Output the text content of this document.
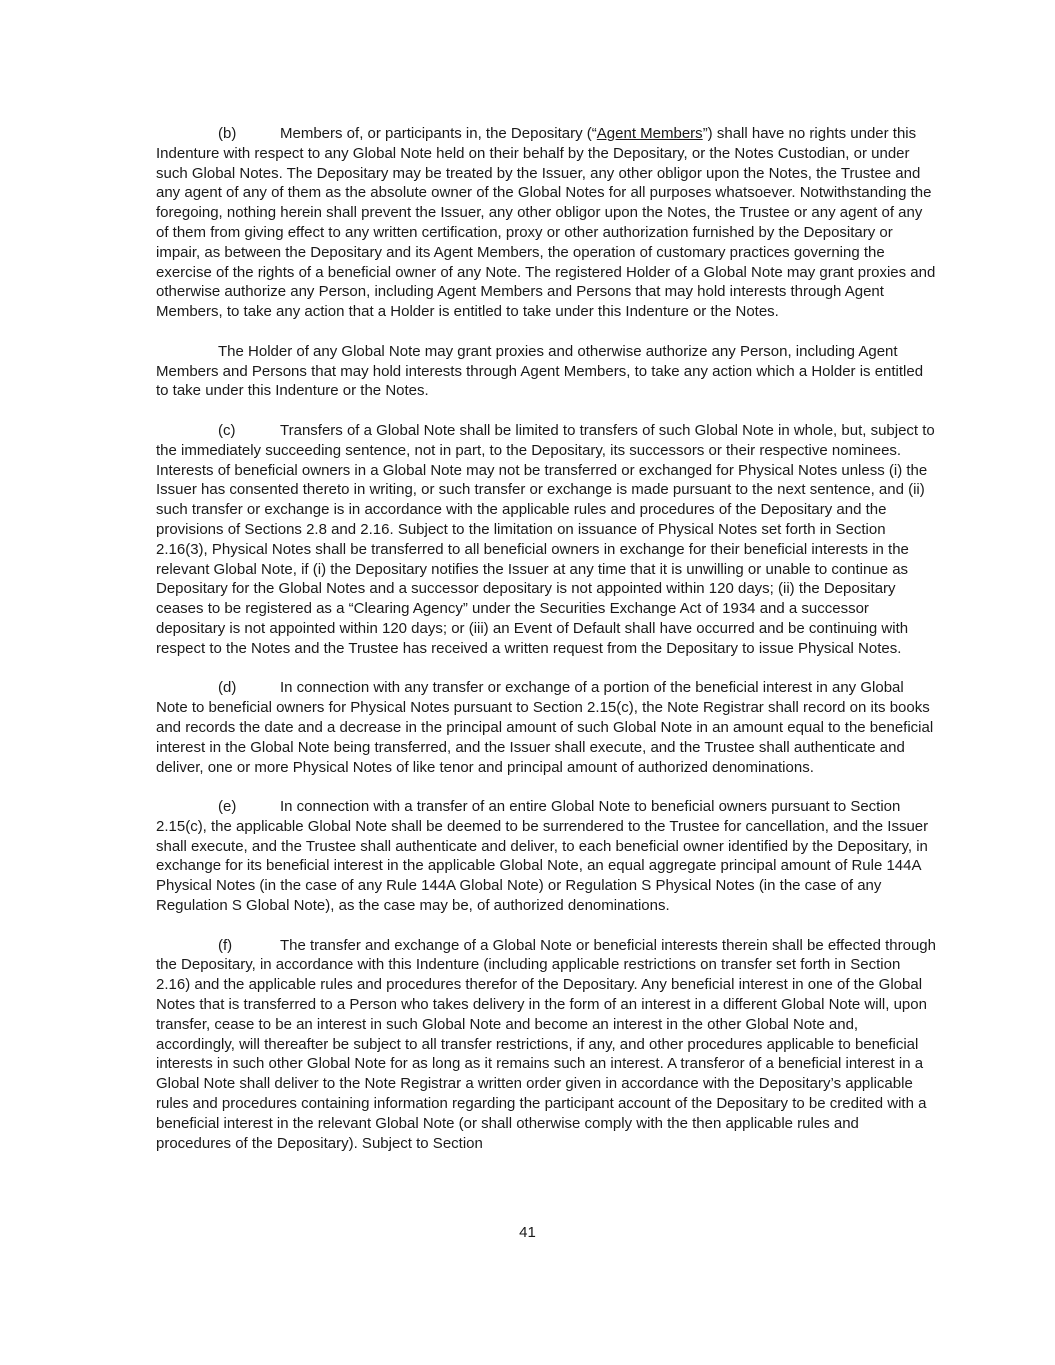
(b)	Members of, or participants in, the Depositary (“Agent Members”) shall have no rights under this Indenture with respect to any Global Note held on their behalf by the Depositary, or the Notes Custodian, or under such Global Notes. The Depositary may be treated by the Issuer, any other obligor upon the Notes, the Trustee and any agent of any of them as the absolute owner of the Global Notes for all purposes whatsoever. Notwithstanding the foregoing, nothing herein shall prevent the Issuer, any other obligor upon the Notes, the Trustee or any agent of any of them from giving effect to any written certification, proxy or other authorization furnished by the Depositary or impair, as between the Depositary and its Agent Members, the operation of customary practices governing the exercise of the rights of a beneficial owner of any Note. The registered Holder of a Global Note may grant proxies and otherwise authorize any Person, including Agent Members and Persons that may hold interests through Agent Members, to take any action that a Holder is entitled to take under this Indenture or the Notes.

The Holder of any Global Note may grant proxies and otherwise authorize any Person, including Agent Members and Persons that may hold interests through Agent Members, to take any action which a Holder is entitled to take under this Indenture or the Notes.

(c)	Transfers of a Global Note shall be limited to transfers of such Global Note in whole, but, subject to the immediately succeeding sentence, not in part, to the Depositary, its successors or their respective nominees. Interests of beneficial owners in a Global Note may not be transferred or exchanged for Physical Notes unless (i) the Issuer has consented thereto in writing, or such transfer or exchange is made pursuant to the next sentence, and (ii) such transfer or exchange is in accordance with the applicable rules and procedures of the Depositary and the provisions of Sections 2.8 and 2.16. Subject to the limitation on issuance of Physical Notes set forth in Section 2.16(3), Physical Notes shall be transferred to all beneficial owners in exchange for their beneficial interests in the relevant Global Note, if (i) the Depositary notifies the Issuer at any time that it is unwilling or unable to continue as Depositary for the Global Notes and a successor depositary is not appointed within 120 days; (ii) the Depositary ceases to be registered as a “Clearing Agency” under the Securities Exchange Act of 1934 and a successor depositary is not appointed within 120 days; or (iii) an Event of Default shall have occurred and be continuing with respect to the Notes and the Trustee has received a written request from the Depositary to issue Physical Notes.

(d)	In connection with any transfer or exchange of a portion of the beneficial interest in any Global Note to beneficial owners for Physical Notes pursuant to Section 2.15(c), the Note Registrar shall record on its books and records the date and a decrease in the principal amount of such Global Note in an amount equal to the beneficial interest in the Global Note being transferred, and the Issuer shall execute, and the Trustee shall authenticate and deliver, one or more Physical Notes of like tenor and principal amount of authorized denominations.

(e)	In connection with a transfer of an entire Global Note to beneficial owners pursuant to Section 2.15(c), the applicable Global Note shall be deemed to be surrendered to the Trustee for cancellation, and the Issuer shall execute, and the Trustee shall authenticate and deliver, to each beneficial owner identified by the Depositary, in exchange for its beneficial interest in the applicable Global Note, an equal aggregate principal amount of Rule 144A Physical Notes (in the case of any Rule 144A Global Note) or Regulation S Physical Notes (in the case of any Regulation S Global Note), as the case may be, of authorized denominations.

(f)	The transfer and exchange of a Global Note or beneficial interests therein shall be effected through the Depositary, in accordance with this Indenture (including applicable restrictions on transfer set forth in Section 2.16) and the applicable rules and procedures therefor of the Depositary. Any beneficial interest in one of the Global Notes that is transferred to a Person who takes delivery in the form of an interest in a different Global Note will, upon transfer, cease to be an interest in such Global Note and become an interest in the other Global Note and, accordingly, will thereafter be subject to all transfer restrictions, if any, and other procedures applicable to beneficial interests in such other Global Note for as long as it remains such an interest. A transferor of a beneficial interest in a Global Note shall deliver to the Note Registrar a written order given in accordance with the Depositary’s applicable rules and procedures containing information regarding the participant account of the Depositary to be credited with a beneficial interest in the relevant Global Note (or shall otherwise comply with the then applicable rules and procedures of the Depositary). Subject to Section

41
